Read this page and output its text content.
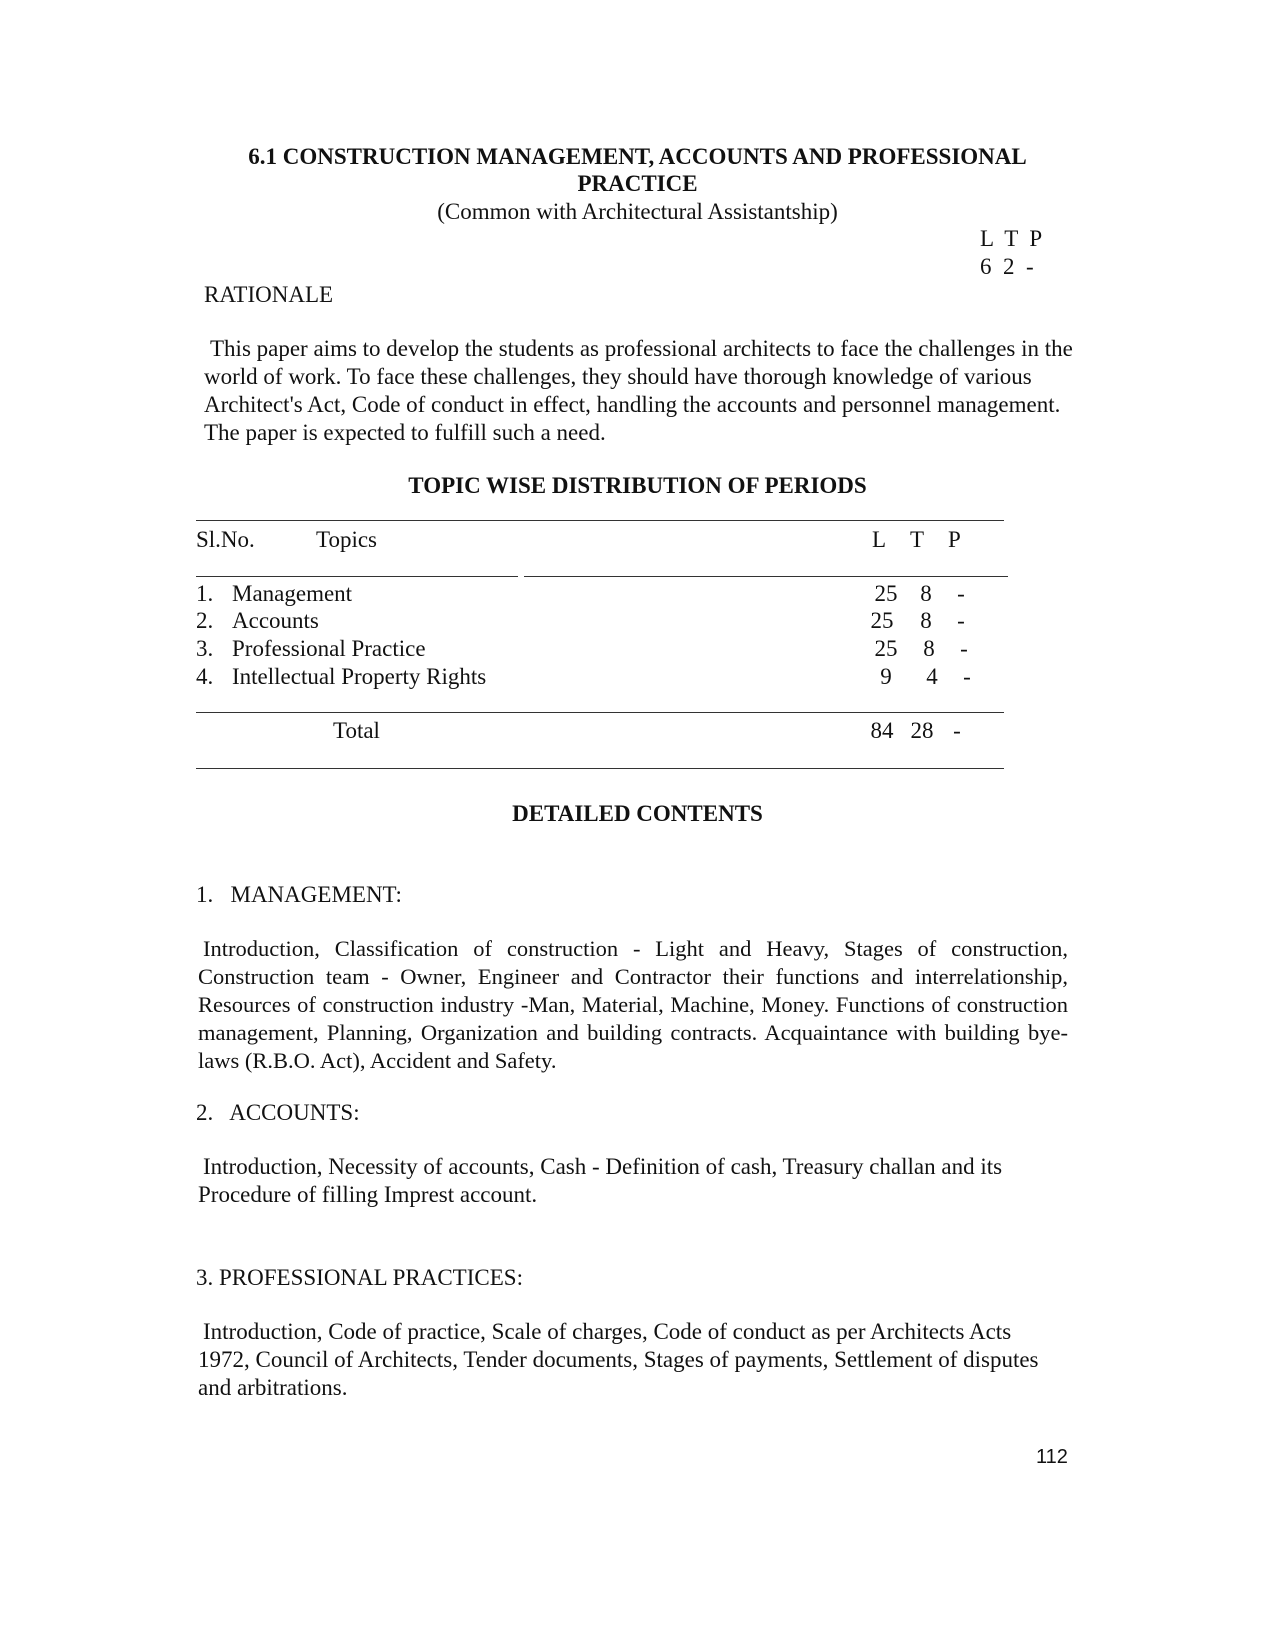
6.1 CONSTRUCTION MANAGEMENT, ACCOUNTS AND PROFESSIONAL
PRACTICE
(Common with Architectural Assistantship)
L  T  P
6  2  -
RATIONALE
This paper aims to develop the students as professional architects to face the challenges in the world of work. To face these challenges, they should have thorough knowledge of various Architect's Act, Code of conduct in effect, handling the accounts and personnel management. The paper is expected to fulfill such a need.
TOPIC WISE DISTRIBUTION OF PERIODS
Sl.No.	Topics	L T P
1. Management	25 8 -
2. Accounts	25 8 -
3. Professional Practice	25 8 -
4. Intellectual Property Rights	9 4 -
Total	84 28 -
DETAILED CONTENTS
1.   MANAGEMENT:
Introduction, Classification of construction - Light and Heavy, Stages of construction, Construction team - Owner, Engineer and Contractor their functions and interrelationship, Resources of construction industry -Man, Material, Machine, Money. Functions of construction management, Planning, Organization and building contracts. Acquaintance with building bye-laws (R.B.O. Act), Accident and Safety.
2.   ACCOUNTS:
Introduction, Necessity of accounts, Cash - Definition of cash, Treasury challan and its Procedure of filling Imprest account.
3. PROFESSIONAL PRACTICES:
Introduction, Code of practice, Scale of charges, Code of conduct as per Architects Acts 1972, Council of Architects, Tender documents, Stages of payments, Settlement of disputes and arbitrations.
112
